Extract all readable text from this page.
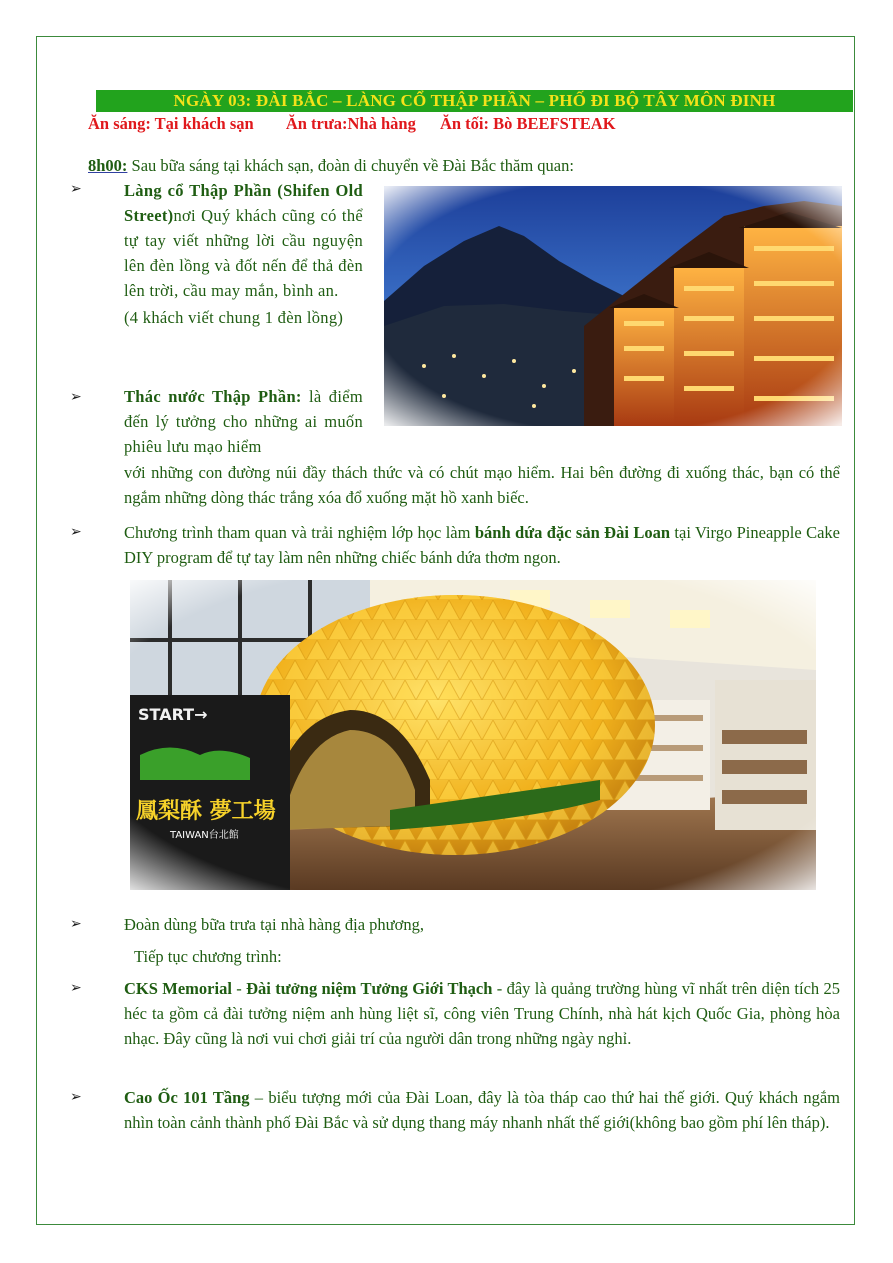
NGÀY 03: ĐÀI BẮC – LÀNG CỔ THẬP PHẦN – PHỐ ĐI BỘ TÂY MÔN ĐINH
Ăn sáng: Tại khách sạn Ăn trưa:Nhà hàng Ăn tối: Bò BEEFSTEAK
8h00: Sau bữa sáng tại khách sạn, đoàn di chuyển về Đài Bắc thăm quan:
➢	Làng cổ Thập Phần (Shifen Old Street)nơi Quý khách cũng có thể tự tay viết những lời cầu nguyện lên đèn lồng và đốt nến để thả đèn lên trời, cầu may mắn, bình an.
(4 khách viết chung 1 đèn lồng)
➢	Thác nước Thập Phần: là điểm đến lý tưởng cho những ai muốn phiêu lưu mạo hiểm
với những con đường núi đầy thách thức và có chút mạo hiểm. Hai bên đường đi xuống thác, bạn có thể ngắm những dòng thác trắng xóa đổ xuống mặt hồ xanh biếc.
➢	Chương trình tham quan và trải nghiệm lớp học làm bánh dứa đặc sản Đài Loan tại Virgo Pineapple Cake DIY program để tự tay làm nên những chiếc bánh dứa thơm ngon.
➢	Đoàn dùng bữa trưa tại nhà hàng địa phương,
Tiếp tục chương trình:
➢	CKS Memorial - Đài tưởng niệm Tưởng Giới Thạch - đây là quảng trường hùng vĩ nhất trên diện tích 25 héc ta gồm cả đài tưởng niệm anh hùng liệt sĩ, công viên Trung Chính, nhà hát kịch Quốc Gia, phòng hòa nhạc. Đây cũng là nơi vui chơi giải trí của người dân trong những ngày nghỉ.
➢	Cao Ốc 101 Tầng – biểu tượng mới của Đài Loan, đây là tòa tháp cao thứ hai thế giới. Quý khách ngắm nhìn toàn cảnh thành phố Đài Bắc và sử dụng thang máy nhanh nhất thế giới(không bao gồm phí lên tháp).
